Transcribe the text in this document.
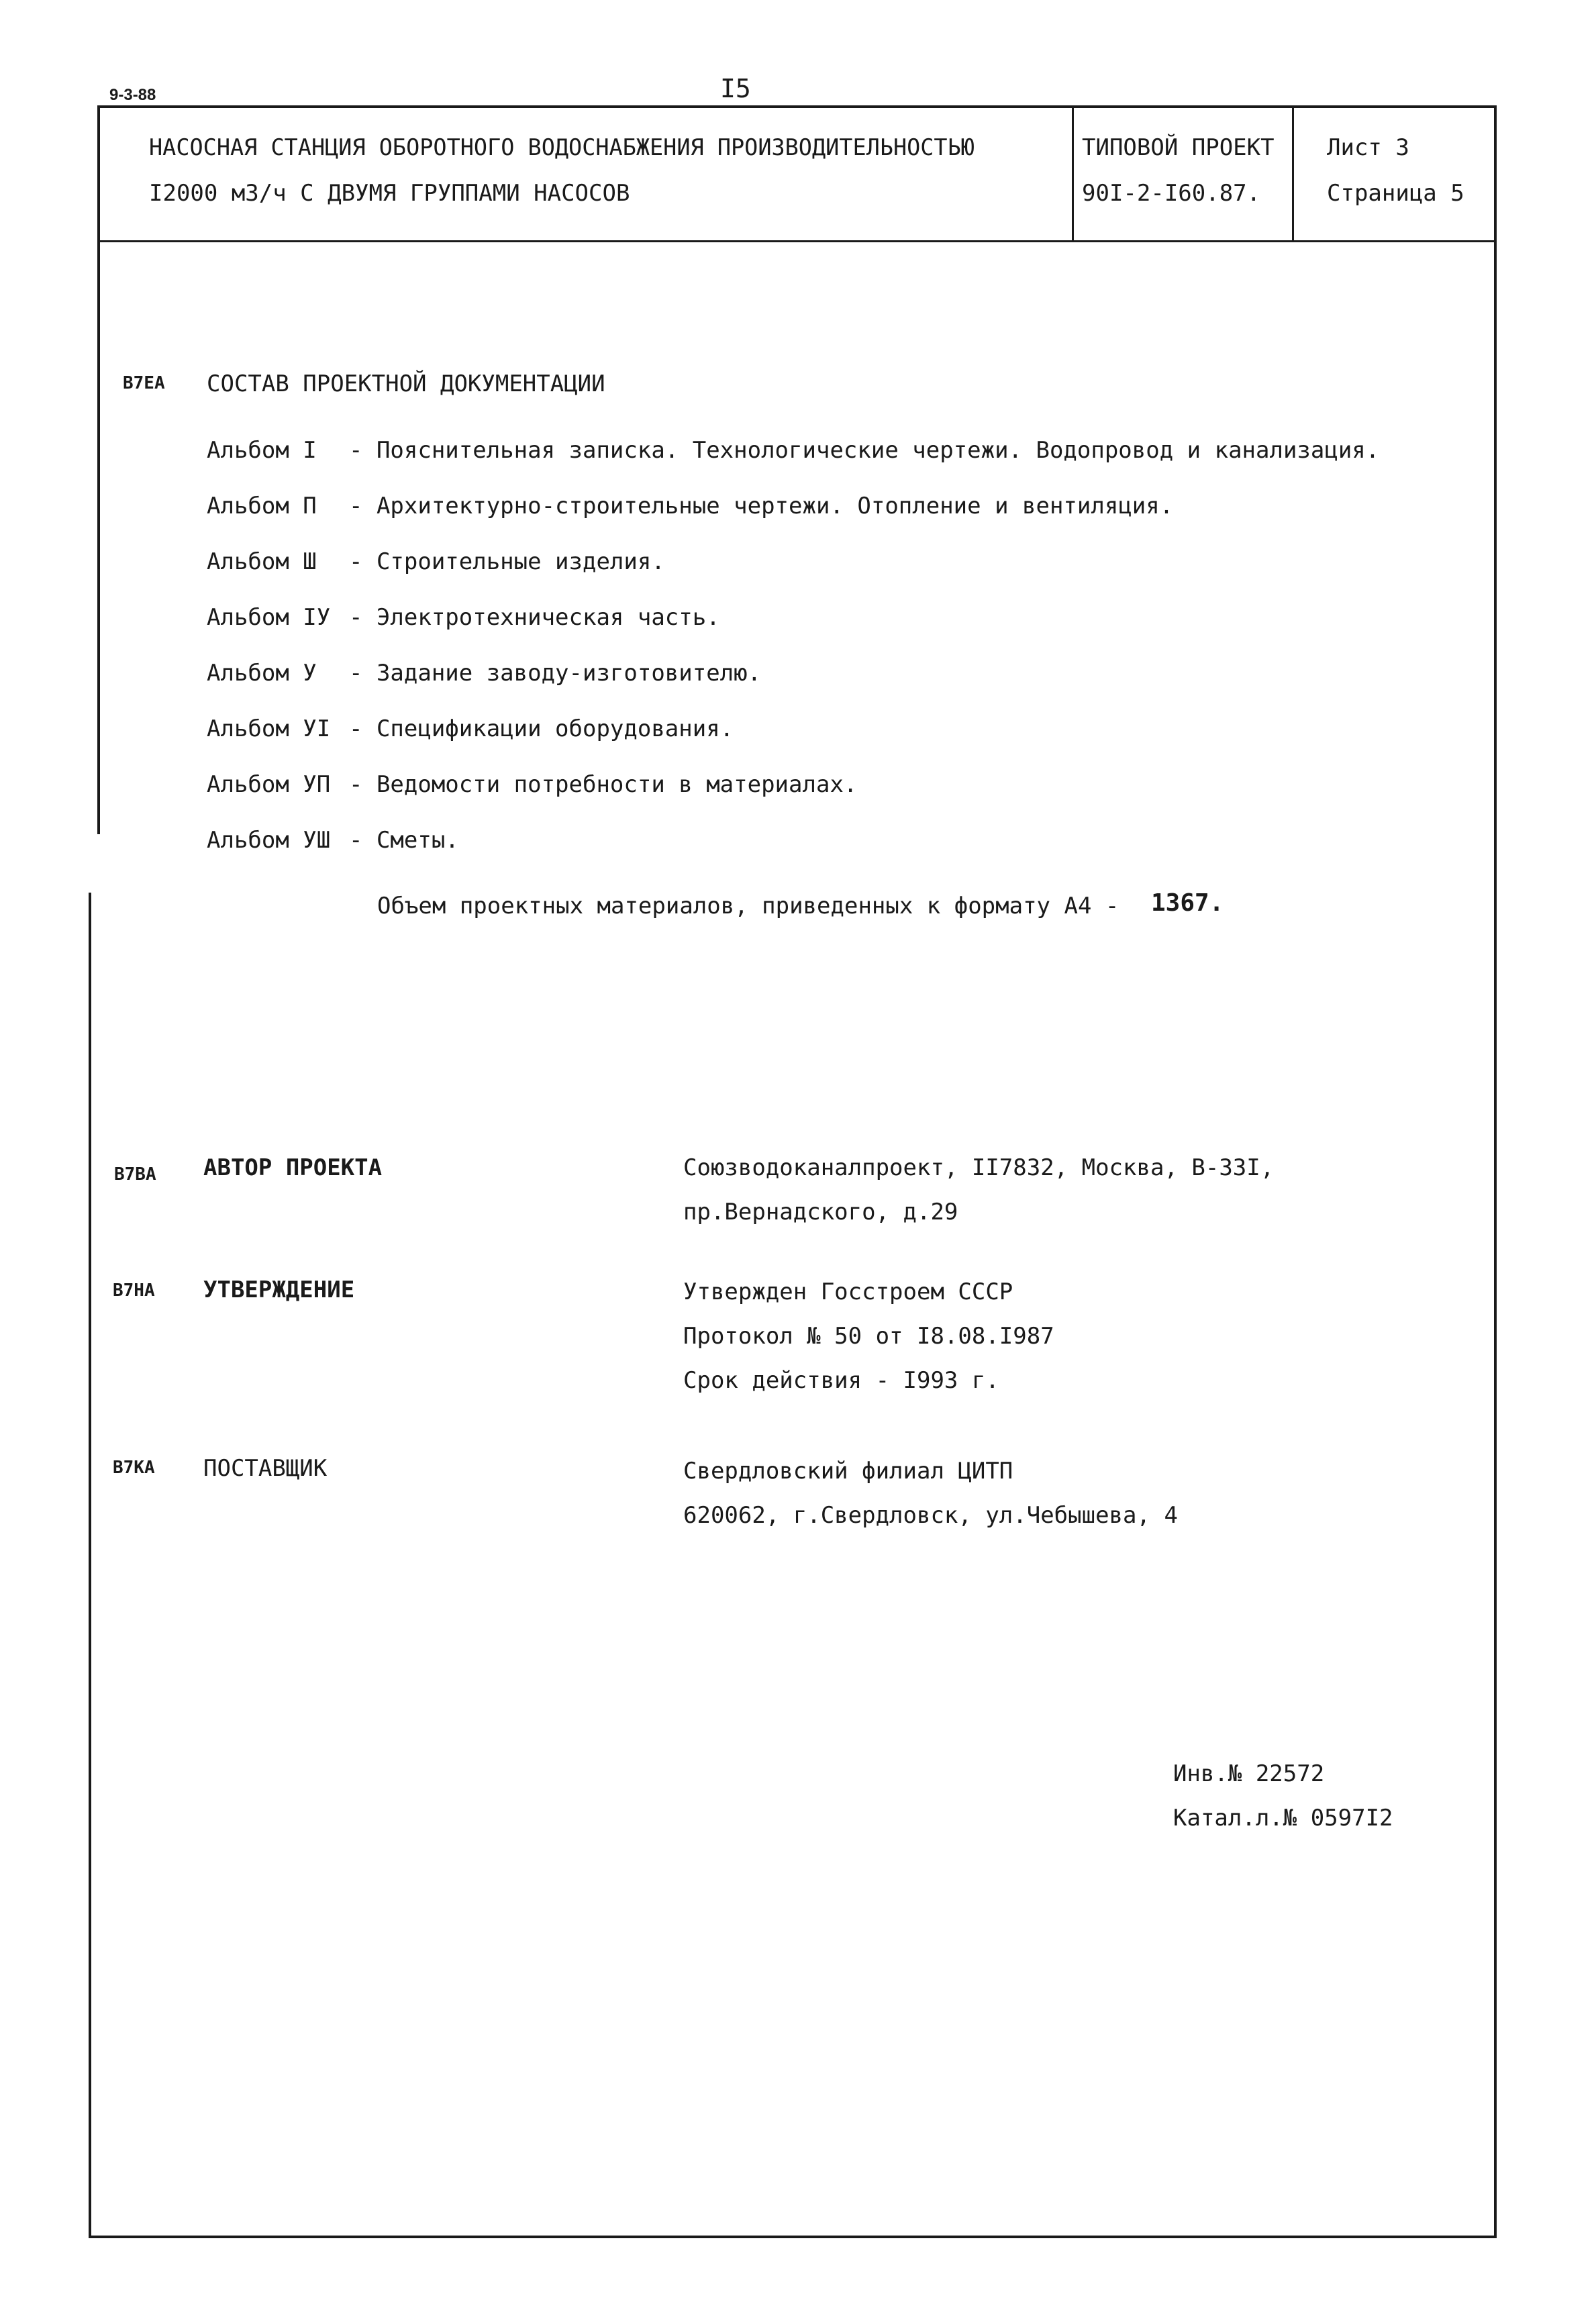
9-3-88	I5
НАСОСНАЯ СТАНЦИЯ ОБОРОТНОГО ВОДОСНАБЖЕНИЯ ПРОИЗВОДИТЕЛЬНОСТЬЮ
I2000 м3/ч С ДВУМЯ ГРУППАМИ НАСОСОВ
ТИПОВОЙ ПРОЕКТ
90I-2-I60.87.
Лист 3
Страница 5
B7EA СОСТАВ ПРОЕКТНОЙ ДОКУМЕНТАЦИИ
Альбом I - Пояснительная записка. Технологические чертежи. Водопровод и канализация.
Альбом П - Архитектурно-строительные чертежи. Отопление и вентиляция.
Альбом Ш - Строительные изделия.
Альбом IУ - Электротехническая часть.
Альбом У - Задание заводу-изготовителю.
Альбом УI - Спецификации оборудования.
Альбом УП - Ведомости потребности в материалах.
Альбом УШ - Сметы.
Объем проектных материалов, приведенных к формату А4 - 1367.
B7BA АВТОР ПРОЕКТА	Союзводоканалпроект, II7832, Москва, В-33I,
пр.Вернадского, д.29
B7HA УТВЕРЖДЕНИЕ	Утвержден Госстроем СССР
Протокол № 50 от I8.08.I987
Срок действия - I993 г.
B7KA ПОСТАВЩИК	Свердловский филиал ЦИТП
620062, г.Свердловск, ул.Чебышева, 4
Инв.№ 22572
Катал.л.№ 0597I2
